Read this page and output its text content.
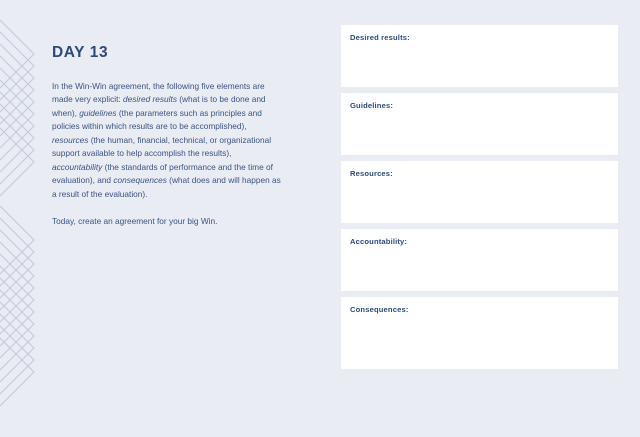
DAY 13

In the Win-Win agreement, the following five elements are made very explicit: desired results (what is to be done and when), guidelines (the parameters such as principles and policies within which results are to be accomplished), resources (the human, financial, technical, or organizational support available to help accomplish the results), accountability (the standards of performance and the time of evaluation), and consequences (what does and will happen as a result of the evaluation).

Today, create an agreement for your big Win.

Desired results:
Guidelines:
Resources:
Accountability:
Consequences:
